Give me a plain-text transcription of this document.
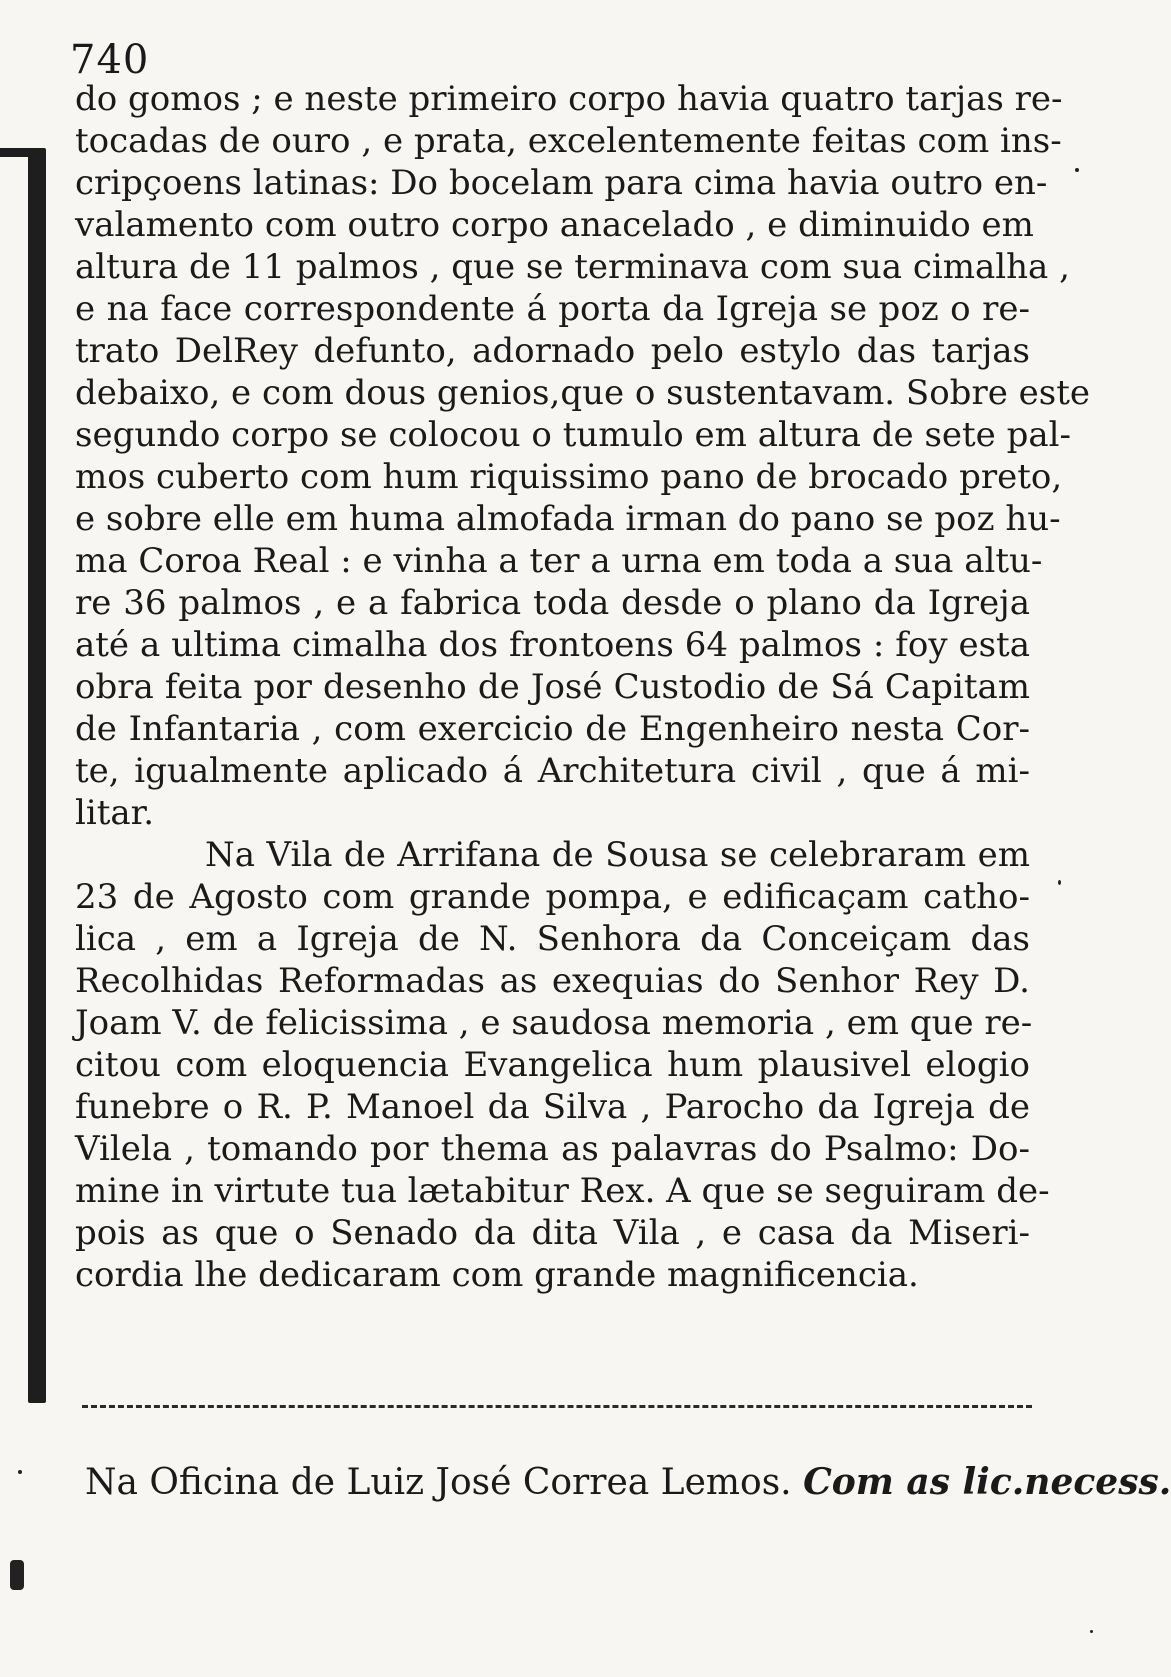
740
do gomos ; e neste primeiro corpo havia quatro tarjas re-
tocadas de ouro , e prata, excelentemente feitas com ins-
cripçoens latinas: Do bocelam para cima havia outro en-
valamento com outro corpo anacelado , e diminuido em
altura de 11 palmos , que se terminava com sua cimalha ,
e na face correspondente á porta da Igreja se poz o re-
trato DelRey defunto, adornado pelo estylo das tarjas
debaixo, e com dous genios,que o sustentavam. Sobre este
segundo corpo se colocou o tumulo em altura de sete pal-
mos cuberto com hum riquissimo pano de brocado preto,
e sobre elle em huma almofada irman do pano se poz hu-
ma Coroa Real : e vinha a ter a urna em toda a sua altu-
re 36 palmos , e a fabrica toda desde o plano da Igreja
até a ultima cimalha dos frontoens 64 palmos : foy esta
obra feita por desenho de José Custodio de Sá Capitam
de Infantaria , com exercicio de Engenheiro nesta Cor-
te, igualmente aplicado á Architetura civil , que á mi-
litar.
Na Vila de Arrifana de Sousa se celebraram em
23 de Agosto com grande pompa, e edificaçam catho-
lica , em a Igreja de N. Senhora da Conceiçam das
Recolhidas Reformadas as exequias do Senhor Rey D.
Joam V. de felicissima , e saudosa memoria , em que re-
citou com eloquencia Evangelica hum plausivel elogio
funebre o R. P. Manoel da Silva , Parocho da Igreja de
Vilela , tomando por thema as palavras do Psalmo: Do-
mine in virtute tua lætabitur Rex. A que se seguiram de-
pois as que o Senado da dita Vila , e casa da Miseri-
cordia lhe dedicaram com grande magnificencia.
Na Oficina de Luiz José Correa Lemos. Com as lic.necess.
